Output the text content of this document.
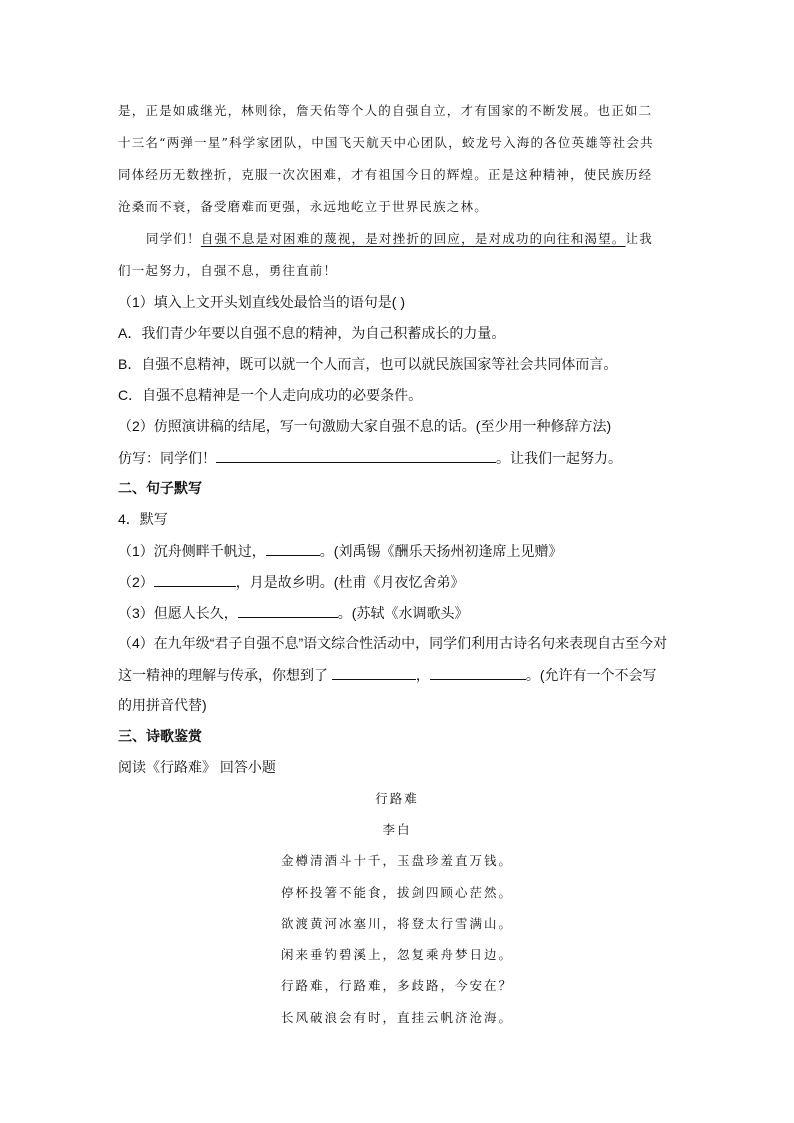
是，正是如戚继光，林则徐，詹天佑等个人的自强自立，才有国家的不断发展。也正如二
十三名“两弹一星”科学家团队，中国飞天航天中心团队，蛟龙号入海的各位英雄等社会共
同体经历无数挫折，克服一次次困难，才有祖国今日的辉煌。正是这种精神，使民族历经
沧桑而不衰，备受磨难而更强，永远地屹立于世界民族之林。
同学们！自强不息是对困难的蔑视，是对挫折的回应，是对成功的向往和渴望。让我
们一起努力，自强不息，勇往直前！
（1）填入上文开头划直线处最恰当的语句是( )
A．我们青少年要以自强不息的精神，为自己积蓄成长的力量。
B．自强不息精神，既可以就一个人而言，也可以就民族国家等社会共同体而言。
C．自强不息精神是一个人走向成功的必要条件。
（2）仿照演讲稿的结尾，写一句激励大家自强不息的话。(至少用一种修辞方法)
仿写：同学们！	。让我们一起努力。
二、句子默写
4．默写
（1）沉舟侧畔千帆过，	。(刘禹锡《酬乐天扬州初逢席上见赠》
（2）	，月是故乡明。(杜甫《月夜忆舍弟》
（3）但愿人长久，	。(苏轼《水调歌头》
（4）在九年级“君子自强不息”语文综合性活动中，同学们利用古诗名句来表现自古至今对
这一精神的理解与传承，你想到了	，	。(允许有一个不会写
的用拼音代替)
三、诗歌鉴赏
阅读《行路难》 回答小题
行路难
李白
金樽清酒斗十千，玉盘珍羞直万钱。
停杯投箸不能食，拔剑四顾心茫然。
欲渡黄河冰塞川，将登太行雪满山。
闲来垂钓碧溪上，忽复乘舟梦日边。
行路难，行路难，多歧路，今安在？
长风破浪会有时，直挂云帆济沧海。
